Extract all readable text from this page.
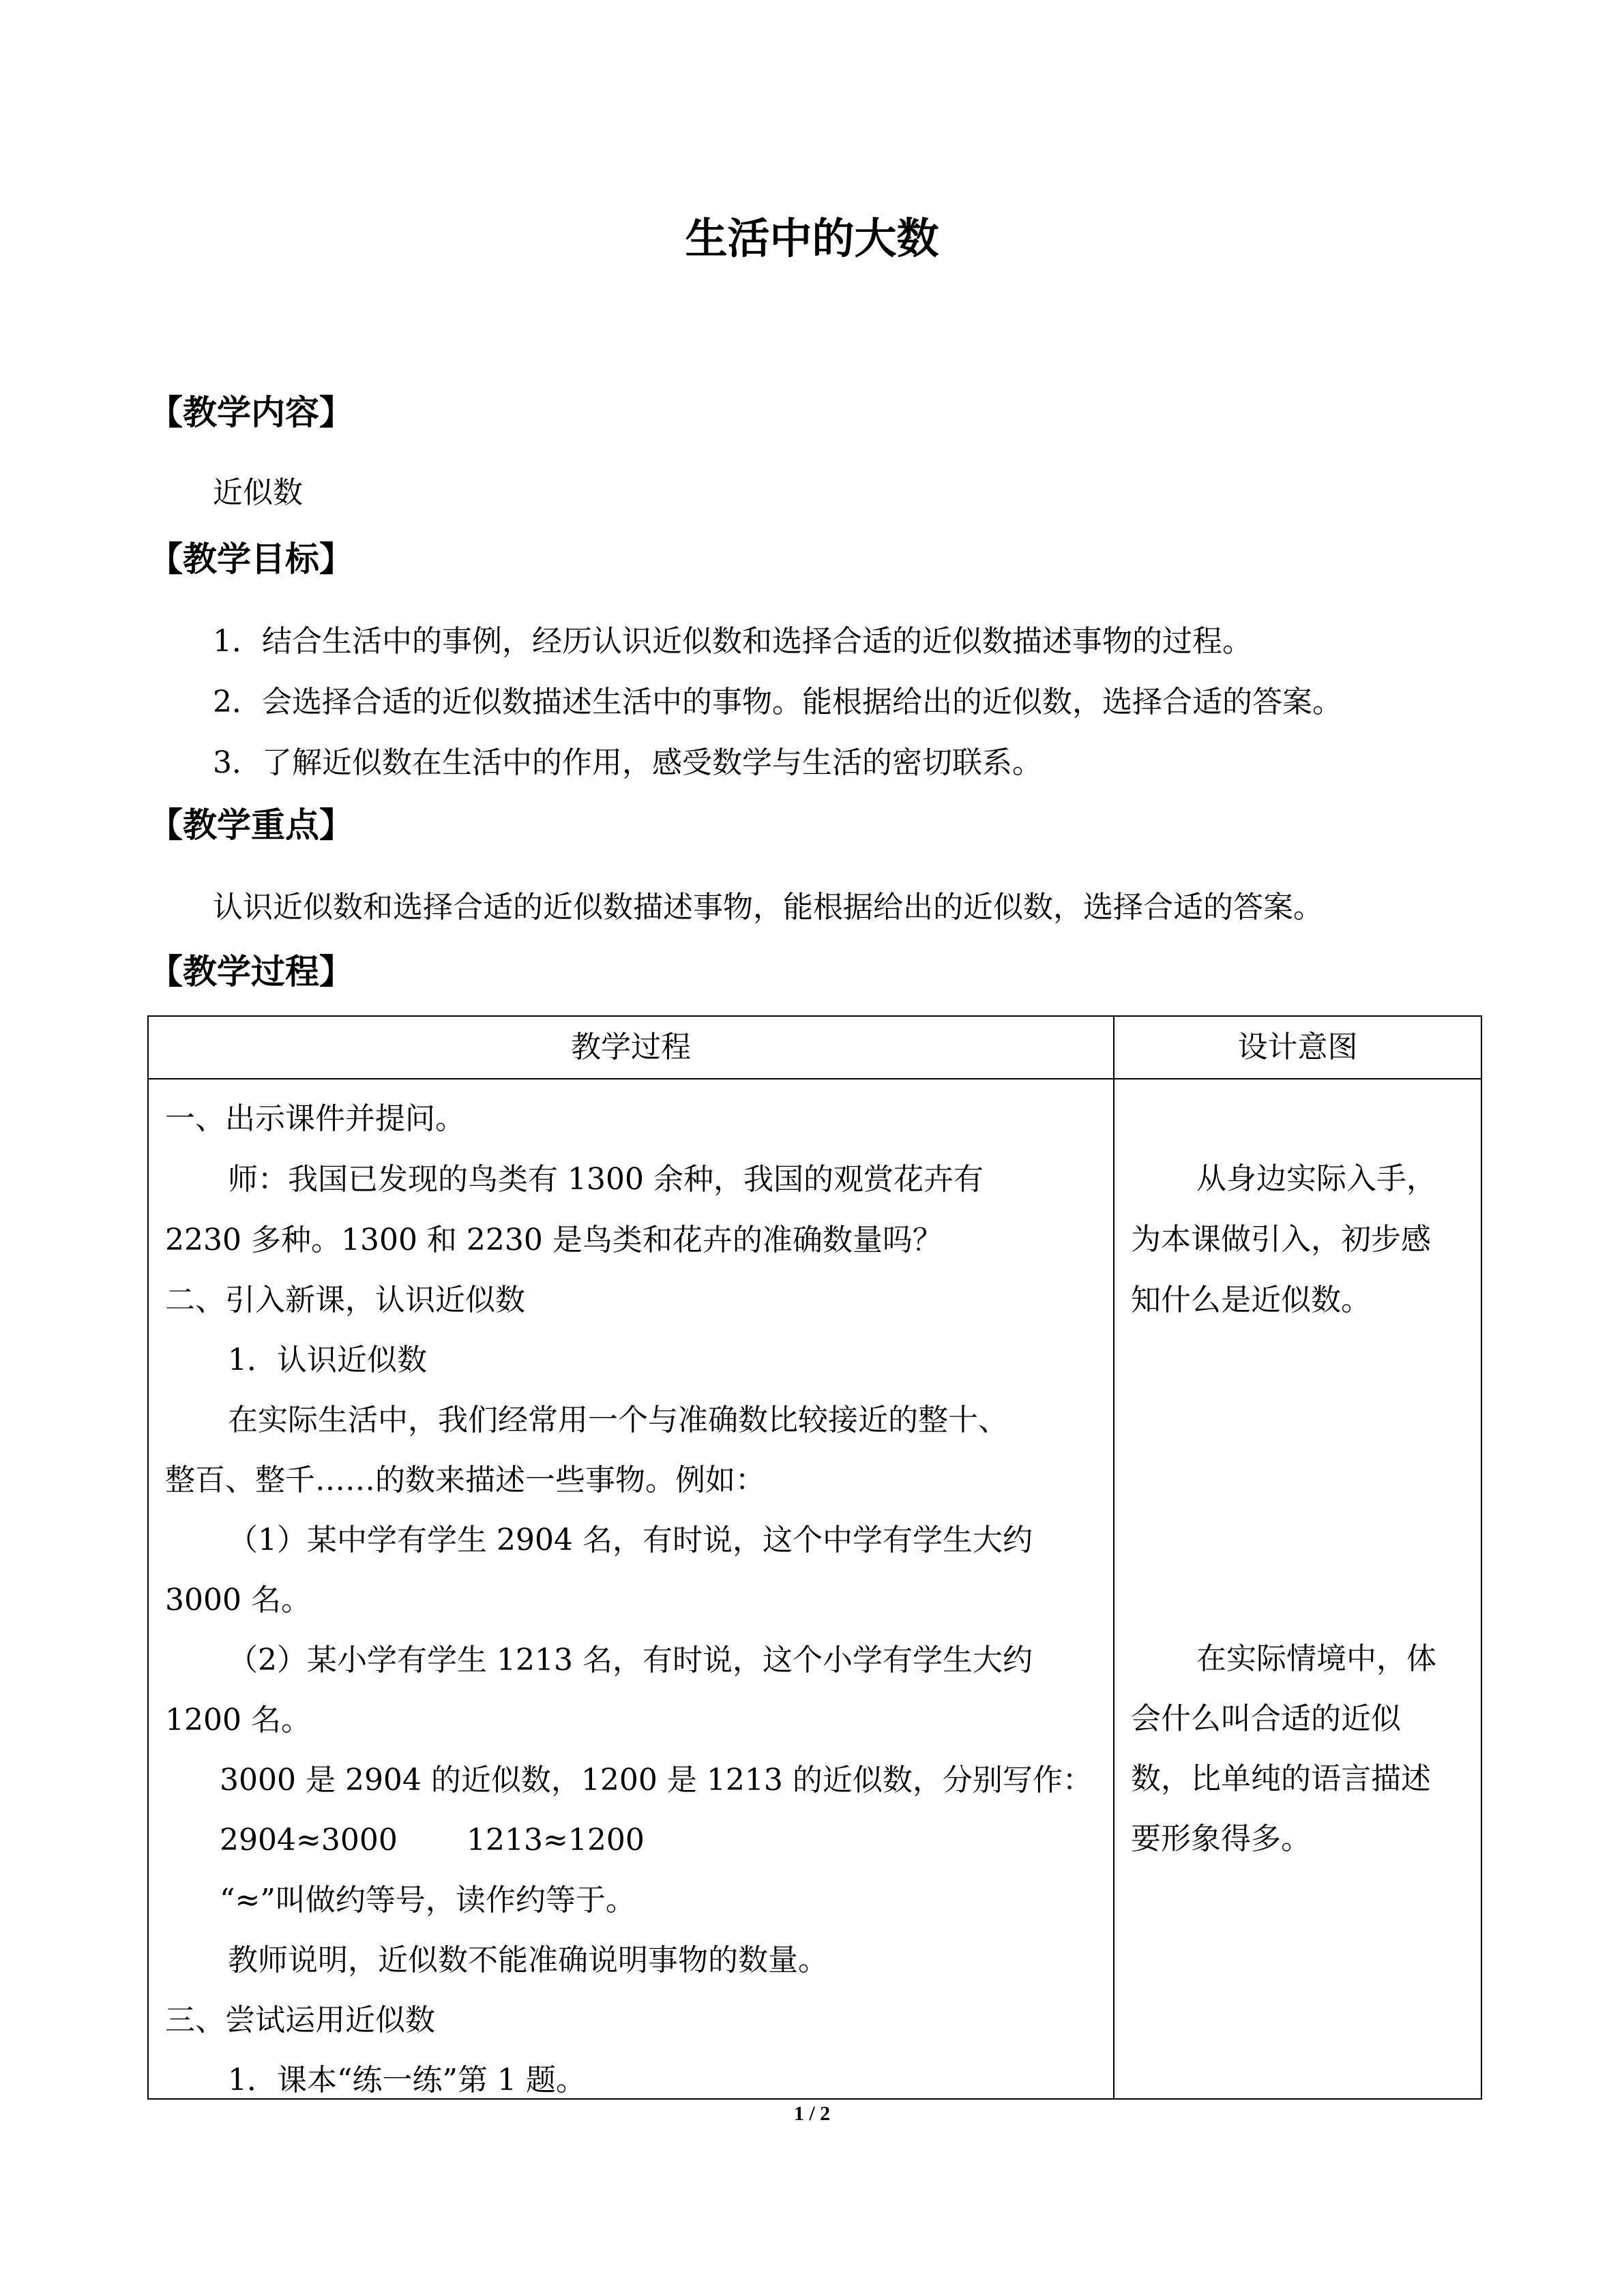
生活中的大数
【教学内容】
近似数
【教学目标】
1．结合生活中的事例，经历认识近似数和选择合适的近似数描述事物的过程。
2．会选择合适的近似数描述生活中的事物。能根据给出的近似数，选择合适的答案。
3．了解近似数在生活中的作用，感受数学与生活的密切联系。
【教学重点】
认识近似数和选择合适的近似数描述事物，能根据给出的近似数，选择合适的答案。
【教学过程】
教学过程	设计意图
一、出示课件并提问。
师：我国已发现的鸟类有 1300 余种，我国的观赏花卉有
2230 多种。1300 和 2230 是鸟类和花卉的准确数量吗？
二、引入新课，认识近似数
1．认识近似数
在实际生活中，我们经常用一个与准确数比较接近的整十、
整百、整千……的数来描述一些事物。例如：
（1）某中学有学生 2904 名，有时说，这个中学有学生大约
3000 名。
（2）某小学有学生 1213 名，有时说，这个小学有学生大约
1200 名。
3000 是 2904 的近似数，1200 是 1213 的近似数，分别写作：
2904≈3000 1213≈1200
“≈”叫做约等号，读作约等于。
教师说明，近似数不能准确说明事物的数量。
三、尝试运用近似数
1．课本“练一练”第 1 题。
从身边实际入手，
为本课做引入，初步感
知什么是近似数。
在实际情境中，体
会什么叫合适的近似
数，比单纯的语言描述
要形象得多。
1 / 2
